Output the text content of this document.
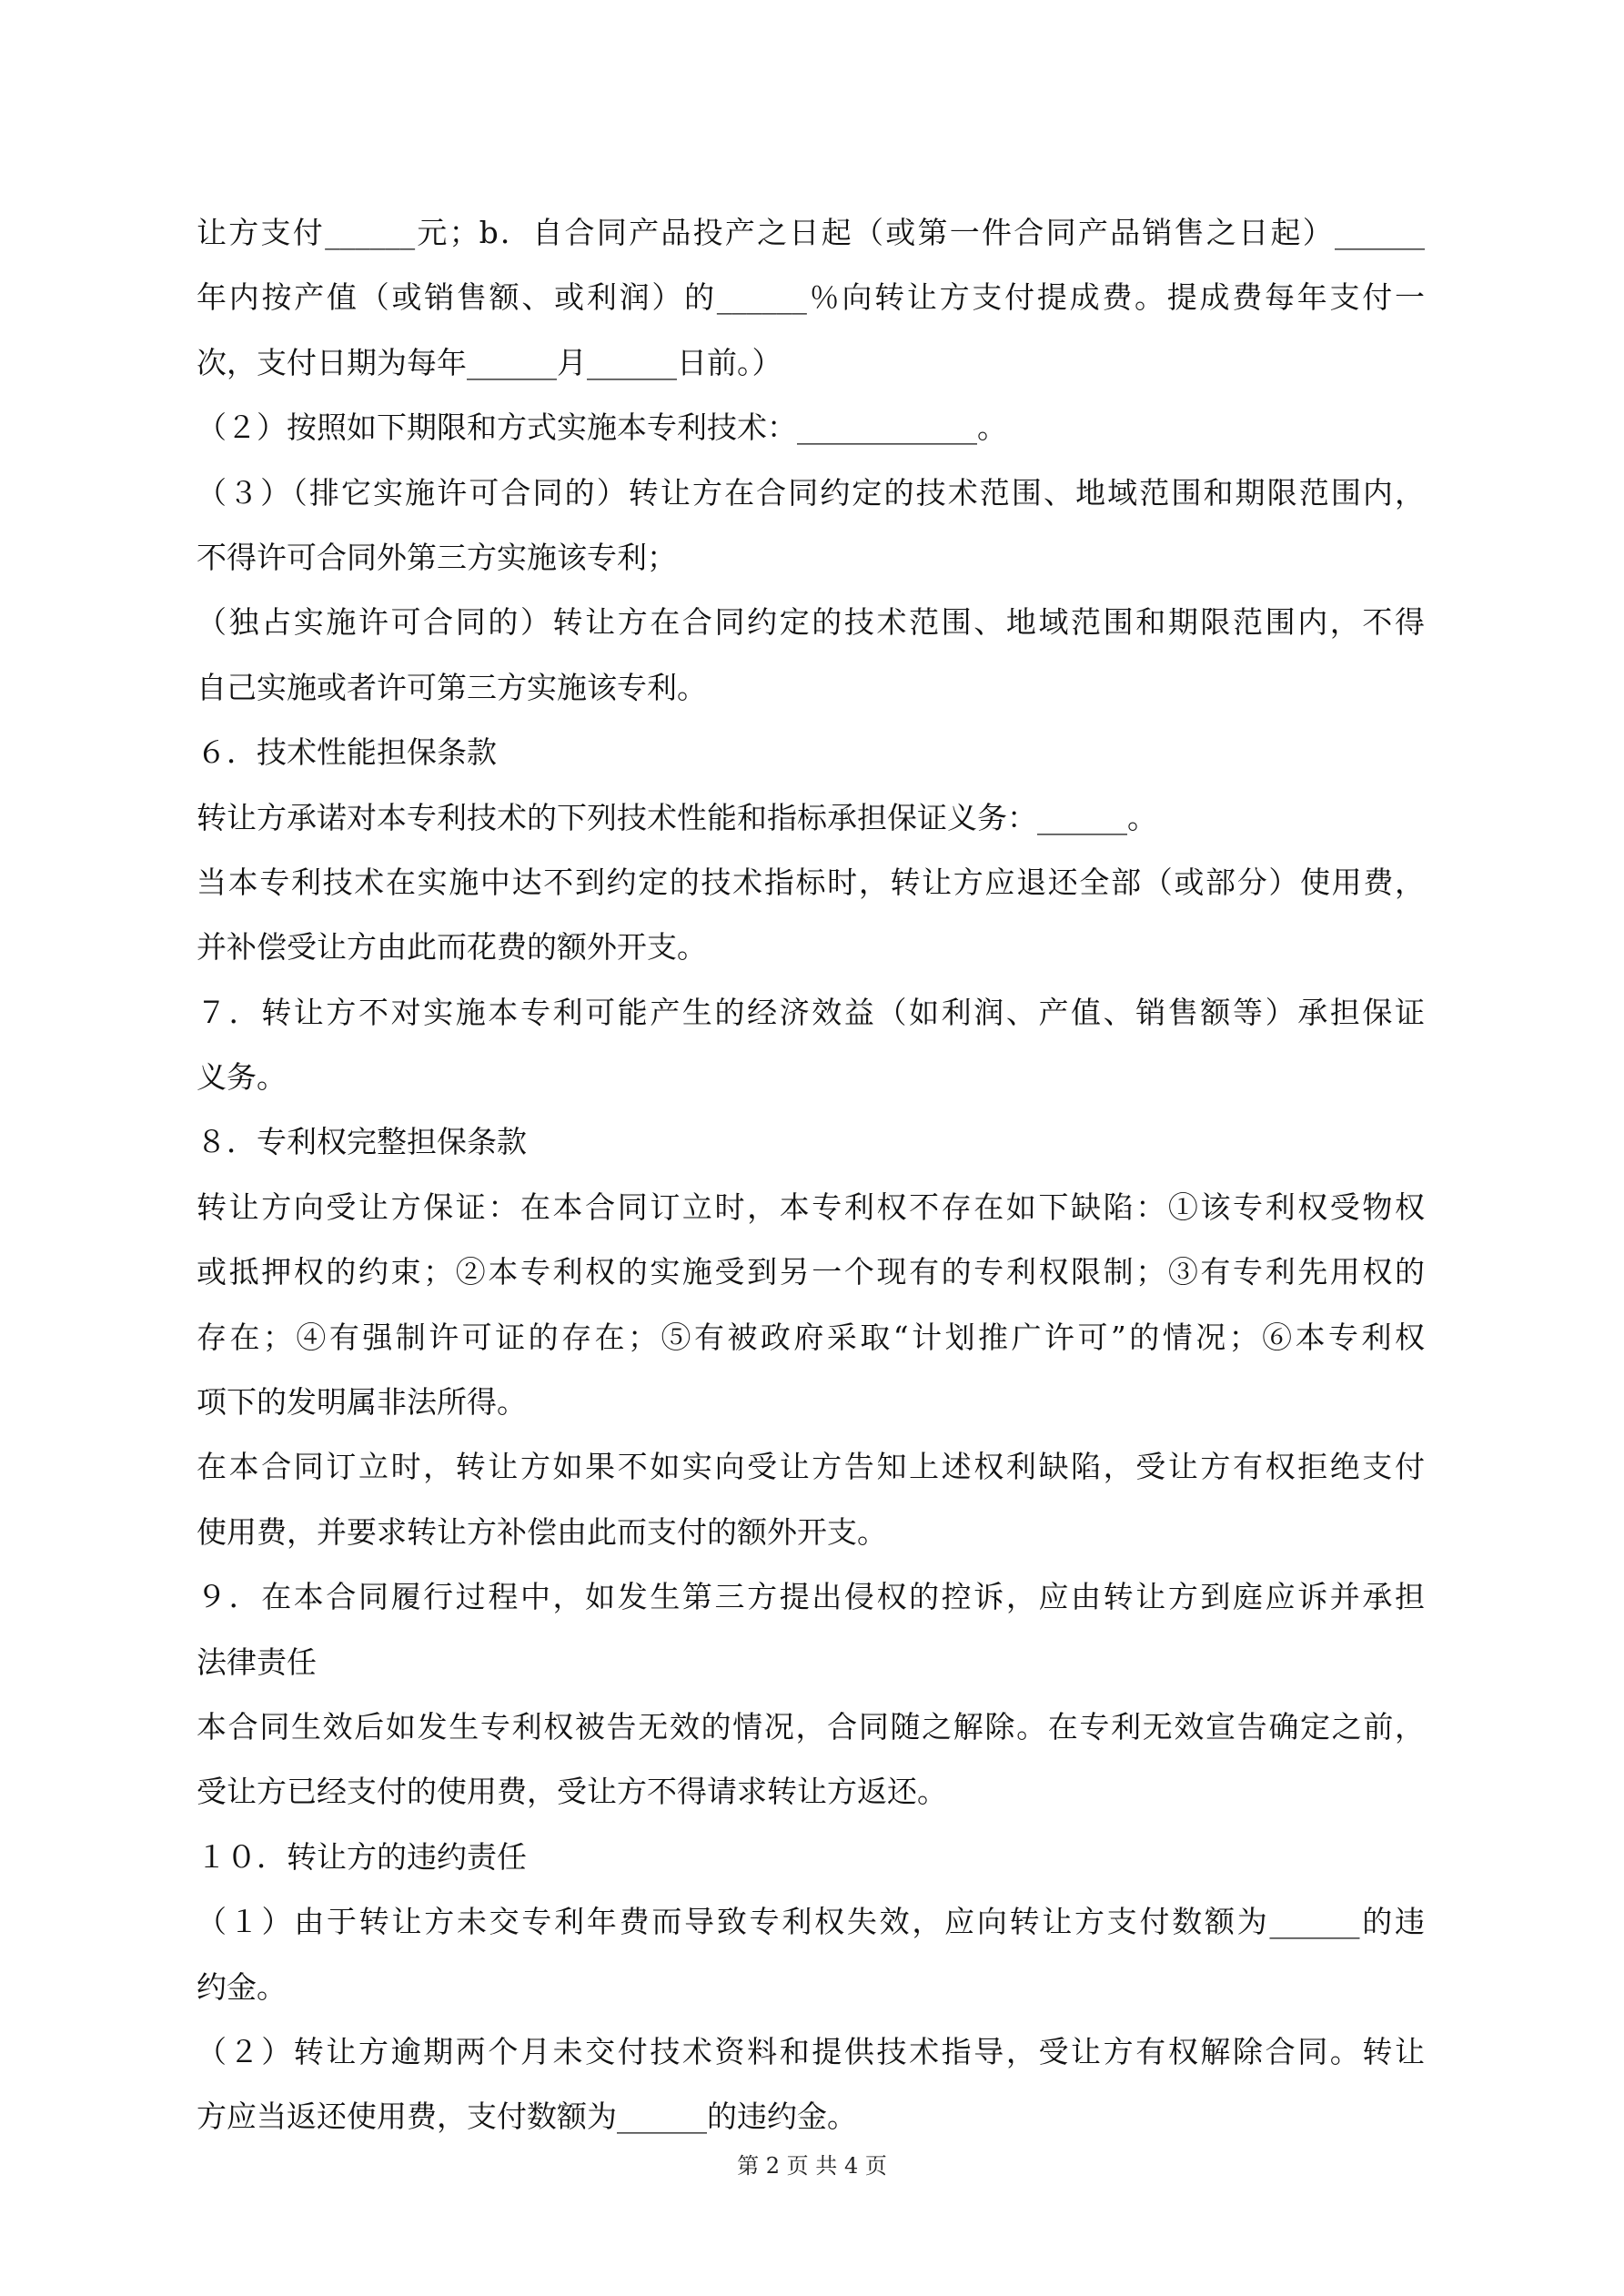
让方支付______元；b．自合同产品投产之日起（或第一件合同产品销售之日起）______
年内按产值（或销售额、或利润）的______％向转让方支付提成费。提成费每年支付一
次，支付日期为每年______月______日前。）
（２）按照如下期限和方式实施本专利技术：____________。
（３）（排它实施许可合同的）转让方在合同约定的技术范围、地域范围和期限范围内，
不得许可合同外第三方实施该专利；
（独占实施许可合同的）转让方在合同约定的技术范围、地域范围和期限范围内，不得
自己实施或者许可第三方实施该专利。
６．技术性能担保条款
转让方承诺对本专利技术的下列技术性能和指标承担保证义务：______。
当本专利技术在实施中达不到约定的技术指标时，转让方应退还全部（或部分）使用费，
并补偿受让方由此而花费的额外开支。
７．转让方不对实施本专利可能产生的经济效益（如利润、产值、销售额等）承担保证
义务。
８．专利权完整担保条款
转让方向受让方保证：在本合同订立时，本专利权不存在如下缺陷：①该专利权受物权
或抵押权的约束；②本专利权的实施受到另一个现有的专利权限制；③有专利先用权的
存在；④有强制许可证的存在；⑤有被政府采取“计划推广许可”的情况；⑥本专利权
项下的发明属非法所得。
在本合同订立时，转让方如果不如实向受让方告知上述权利缺陷，受让方有权拒绝支付
使用费，并要求转让方补偿由此而支付的额外开支。
９．在本合同履行过程中，如发生第三方提出侵权的控诉，应由转让方到庭应诉并承担
法律责任
本合同生效后如发生专利权被告无效的情况，合同随之解除。在专利无效宣告确定之前，
受让方已经支付的使用费，受让方不得请求转让方返还。
１０．转让方的违约责任
（１）由于转让方未交专利年费而导致专利权失效，应向转让方支付数额为______的违
约金。
（２）转让方逾期两个月未交付技术资料和提供技术指导，受让方有权解除合同。转让
方应当返还使用费，支付数额为______的违约金。
第 2 页 共 4 页
